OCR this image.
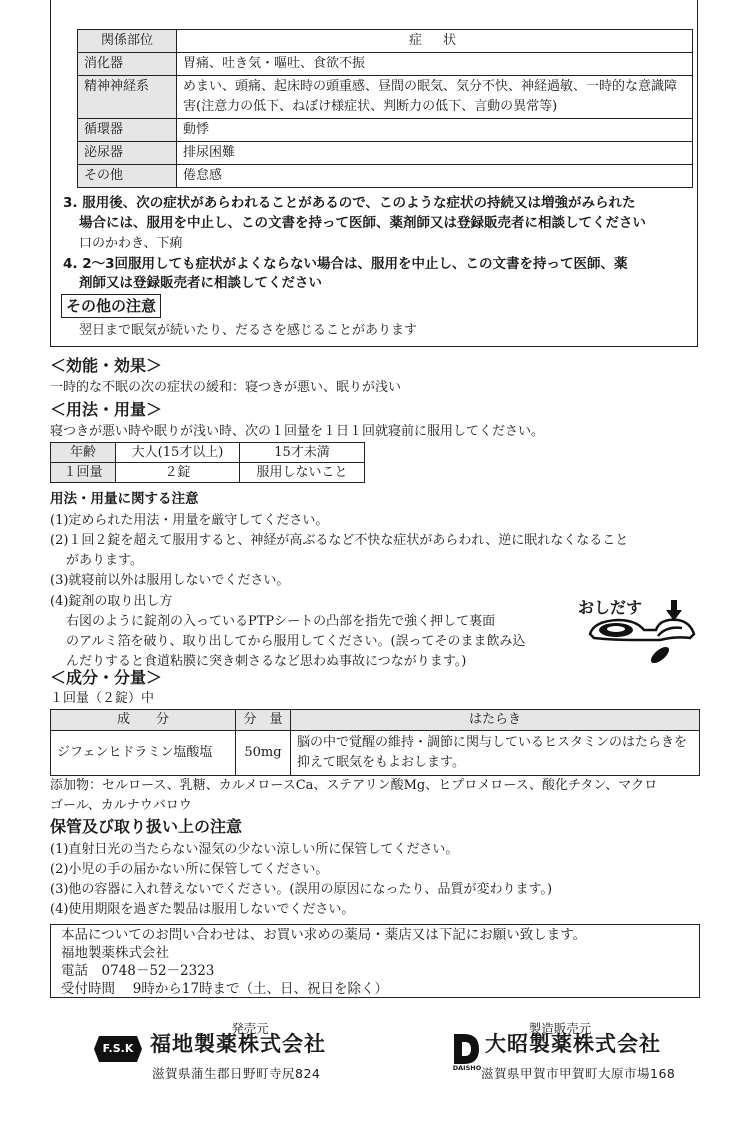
関係部位	症　状
消化器	胃痛、吐き気・嘔吐、食欲不振
精神神経系	めまい、頭痛、起床時の頭重感、昼間の眠気、気分不快、神経過敏、一時的な意識障害(注意力の低下、ねぼけ様症状、判断力の低下、言動の異常等)
循環器	動悸
泌尿器	排尿困難
その他	倦怠感
3. 服用後、次の症状があらわれることがあるので、このような症状の持続又は増強がみられた
場合には、服用を中止し、この文書を持って医師、薬剤師又は登録販売者に相談してください
口のかわき、下痢
4. 2～3回服用しても症状がよくならない場合は、服用を中止し、この文書を持って医師、薬
剤師又は登録販売者に相談してください
その他の注意
翌日まで眠気が続いたり、だるさを感じることがあります
＜効能・効果＞
一時的な不眠の次の症状の緩和：寝つきが悪い、眠りが浅い
＜用法・用量＞
寝つきが悪い時や眠りが浅い時、次の１回量を１日１回就寝前に服用してください。
年齢	大人(15才以上)	15才未満
１回量	２錠	服用しないこと
用法・用量に関する注意
(1)定められた用法・用量を厳守してください。
(2)１回２錠を超えて服用すると、神経が高ぶるなど不快な症状があらわれ、逆に眠れなくなること
があります。
(3)就寝前以外は服用しないでください。
(4)錠剤の取り出し方
右図のように錠剤の入っているPTPシートの凸部を指先で強く押して裏面
のアルミ箔を破り、取り出してから服用してください。(誤ってそのまま飲み込
んだりすると食道粘膜に突き刺さるなど思わぬ事故につながります。)
おしだす
＜成分・分量＞
１回量（２錠）中
成　　分	分　量	はたらき
ジフェンヒドラミン塩酸塩	50mg	脳の中で覚醒の維持・調節に関与しているヒスタミンのはたらきを抑えて眠気をもよおします。
添加物：セルロース、乳糖、カルメロースCa、ステアリン酸Mg、ヒプロメロース、酸化チタン、マクロ
ゴール、カルナウバロウ
保管及び取り扱い上の注意
(1)直射日光の当たらない湿気の少ない涼しい所に保管してください。
(2)小児の手の届かない所に保管してください。
(3)他の容器に入れ替えないでください。(誤用の原因になったり、品質が変わります。)
(4)使用期限を過ぎた製品は服用しないでください。
本品についてのお問い合わせは、お買い求めの薬局・薬店又は下記にお願い致します。
福地製薬株式会社
電話　0748－52－2323
受付時間　 9時から17時まで（土、日、祝日を除く）
発売元
F.S.K 福地製薬株式会社
滋賀県蒲生郡日野町寺尻824
製造販売元
DAISHO
大昭製薬株式会社
滋賀県甲賀市甲賀町大原市場168
